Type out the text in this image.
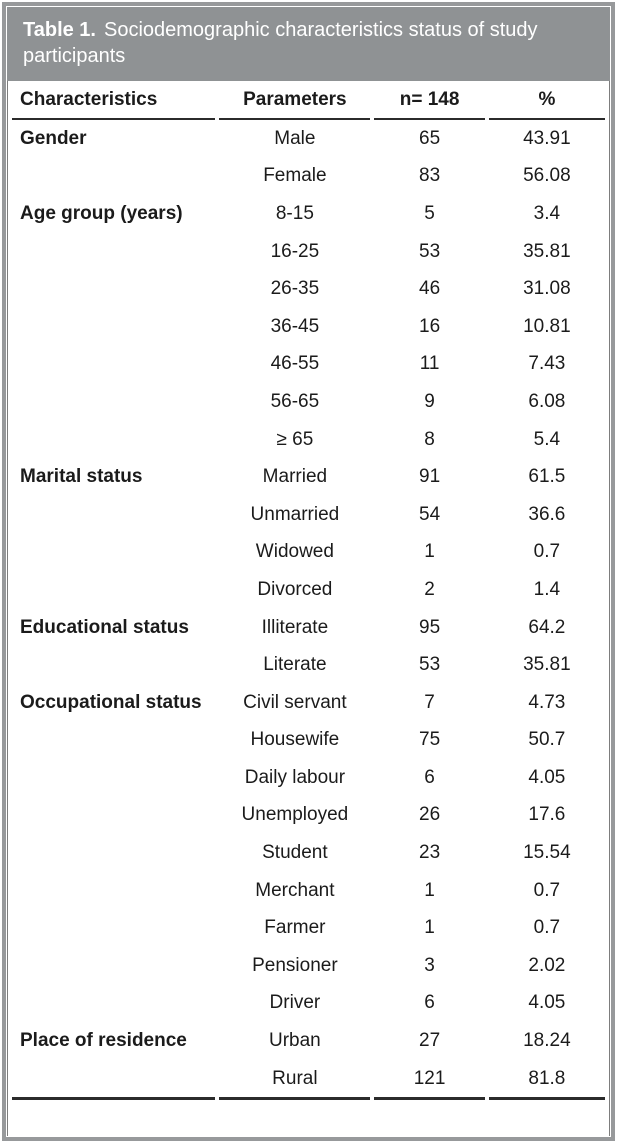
Table 1. Sociodemographic characteristics status of study participants
Characteristics	Parameters	n= 148	%
Gender	Male	65	43.91
	Female	83	56.08
Age group (years)	8-15	5	3.4
	16-25	53	35.81
	26-35	46	31.08
	36-45	16	10.81
	46-55	11	7.43
	56-65	9	6.08
	≥ 65	8	5.4
Marital status	Married	91	61.5
	Unmarried	54	36.6
	Widowed	1	0.7
	Divorced	2	1.4
Educational status	Illiterate	95	64.2
	Literate	53	35.81
Occupational status	Civil servant	7	4.73
	Housewife	75	50.7
	Daily labour	6	4.05
	Unemployed	26	17.6
	Student	23	15.54
	Merchant	1	0.7
	Farmer	1	0.7
	Pensioner	3	2.02
	Driver	6	4.05
Place of residence	Urban	27	18.24
	Rural	121	81.8
